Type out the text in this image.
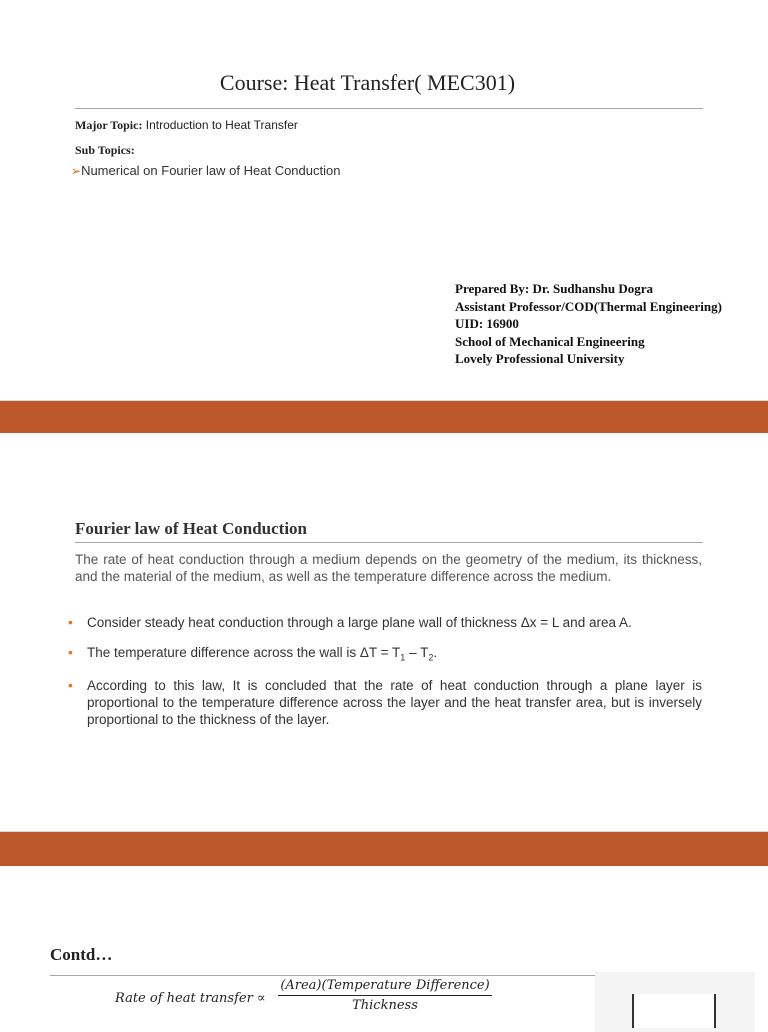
Course: Heat Transfer( MEC301)
Major Topic: Introduction to Heat Transfer
Sub Topics:
➢Numerical on Fourier law of Heat Conduction
Prepared By: Dr. Sudhanshu Dogra
Assistant Professor/COD(Thermal Engineering)
UID: 16900
School of Mechanical Engineering
Lovely Professional University
Fourier law of Heat Conduction
The rate of heat conduction through a medium depends on the geometry of the medium, its thickness, and the material of the medium, as well as the temperature difference across the medium.
• Consider steady heat conduction through a large plane wall of thickness Δx = L and area A.
• The temperature difference across the wall is $\Delta T = T_1 - T_2$.
• According to this law, It is concluded that the rate of heat conduction through a plane layer is proportional to the temperature difference across the layer and the heat transfer area, but is inversely proportional to the thickness of the layer.
Contd…
Rate of heat transfer ∝
(Area)(Temperature Difference)
Thickness
